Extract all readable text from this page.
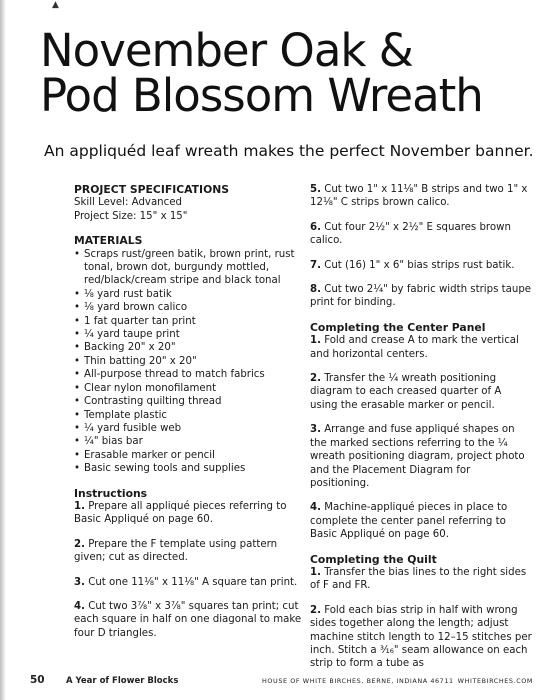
▲
November Oak &
Pod Blossom Wreath
An appliquéd leaf wreath makes the perfect November banner.
PROJECT SPECIFICATIONS
Skill Level: Advanced
Project Size: 15" x 15"
MATERIALS
• Scraps rust/green batik, brown print, rust tonal, brown dot, burgundy mottled, red/black/cream stripe and black tonal
• ⅛ yard rust batik
• ⅛ yard brown calico
• 1 fat quarter tan print
• ¼ yard taupe print
• Backing 20" x 20"
• Thin batting 20" x 20"
• All-purpose thread to match fabrics
• Clear nylon monofilament
• Contrasting quilting thread
• Template plastic
• ¼ yard fusible web
• ¼" bias bar
• Erasable marker or pencil
• Basic sewing tools and supplies
Instructions

1. Prepare all appliqué pieces referring to Basic Appliqué on page 60.

2. Prepare the F template using pattern given; cut as directed.

3. Cut one 11⅛" x 11⅛" A square tan print.

4. Cut two 3⅞" x 3⅞" squares tan print; cut each square in half on one diagonal to make four D triangles.

5. Cut two 1" x 11⅛" B strips and two 1" x 12⅛" C strips brown calico.

6. Cut four 2½" x 2½" E squares brown calico.

7. Cut (16) 1" x 6" bias strips rust batik.

8. Cut two 2¼" by fabric width strips taupe print for binding.

Completing the Center Panel

1. Fold and crease A to mark the vertical and horizontal centers.

2. Transfer the ¼ wreath positioning diagram to each creased quarter of A using the erasable marker or pencil.

3. Arrange and fuse appliqué shapes on the marked sections referring to the ¼ wreath positioning diagram, project photo and the Placement Diagram for positioning.

4. Machine-appliqué pieces in place to complete the center panel referring to Basic Appliqué on page 60.

Completing the Quilt

1. Transfer the bias lines to the right sides of F and FR.

2. Fold each bias strip in half with wrong sides together along the length; adjust machine stitch length to 12–15 stitches per inch. Stitch a ³⁄₁₆" seam allowance on each strip to form a tube as

50	A Year of Flower Blocks	HOUSE OF WHITE BIRCHES, BERNE, INDIANA 46711 WHITEBIRCHES.COM
